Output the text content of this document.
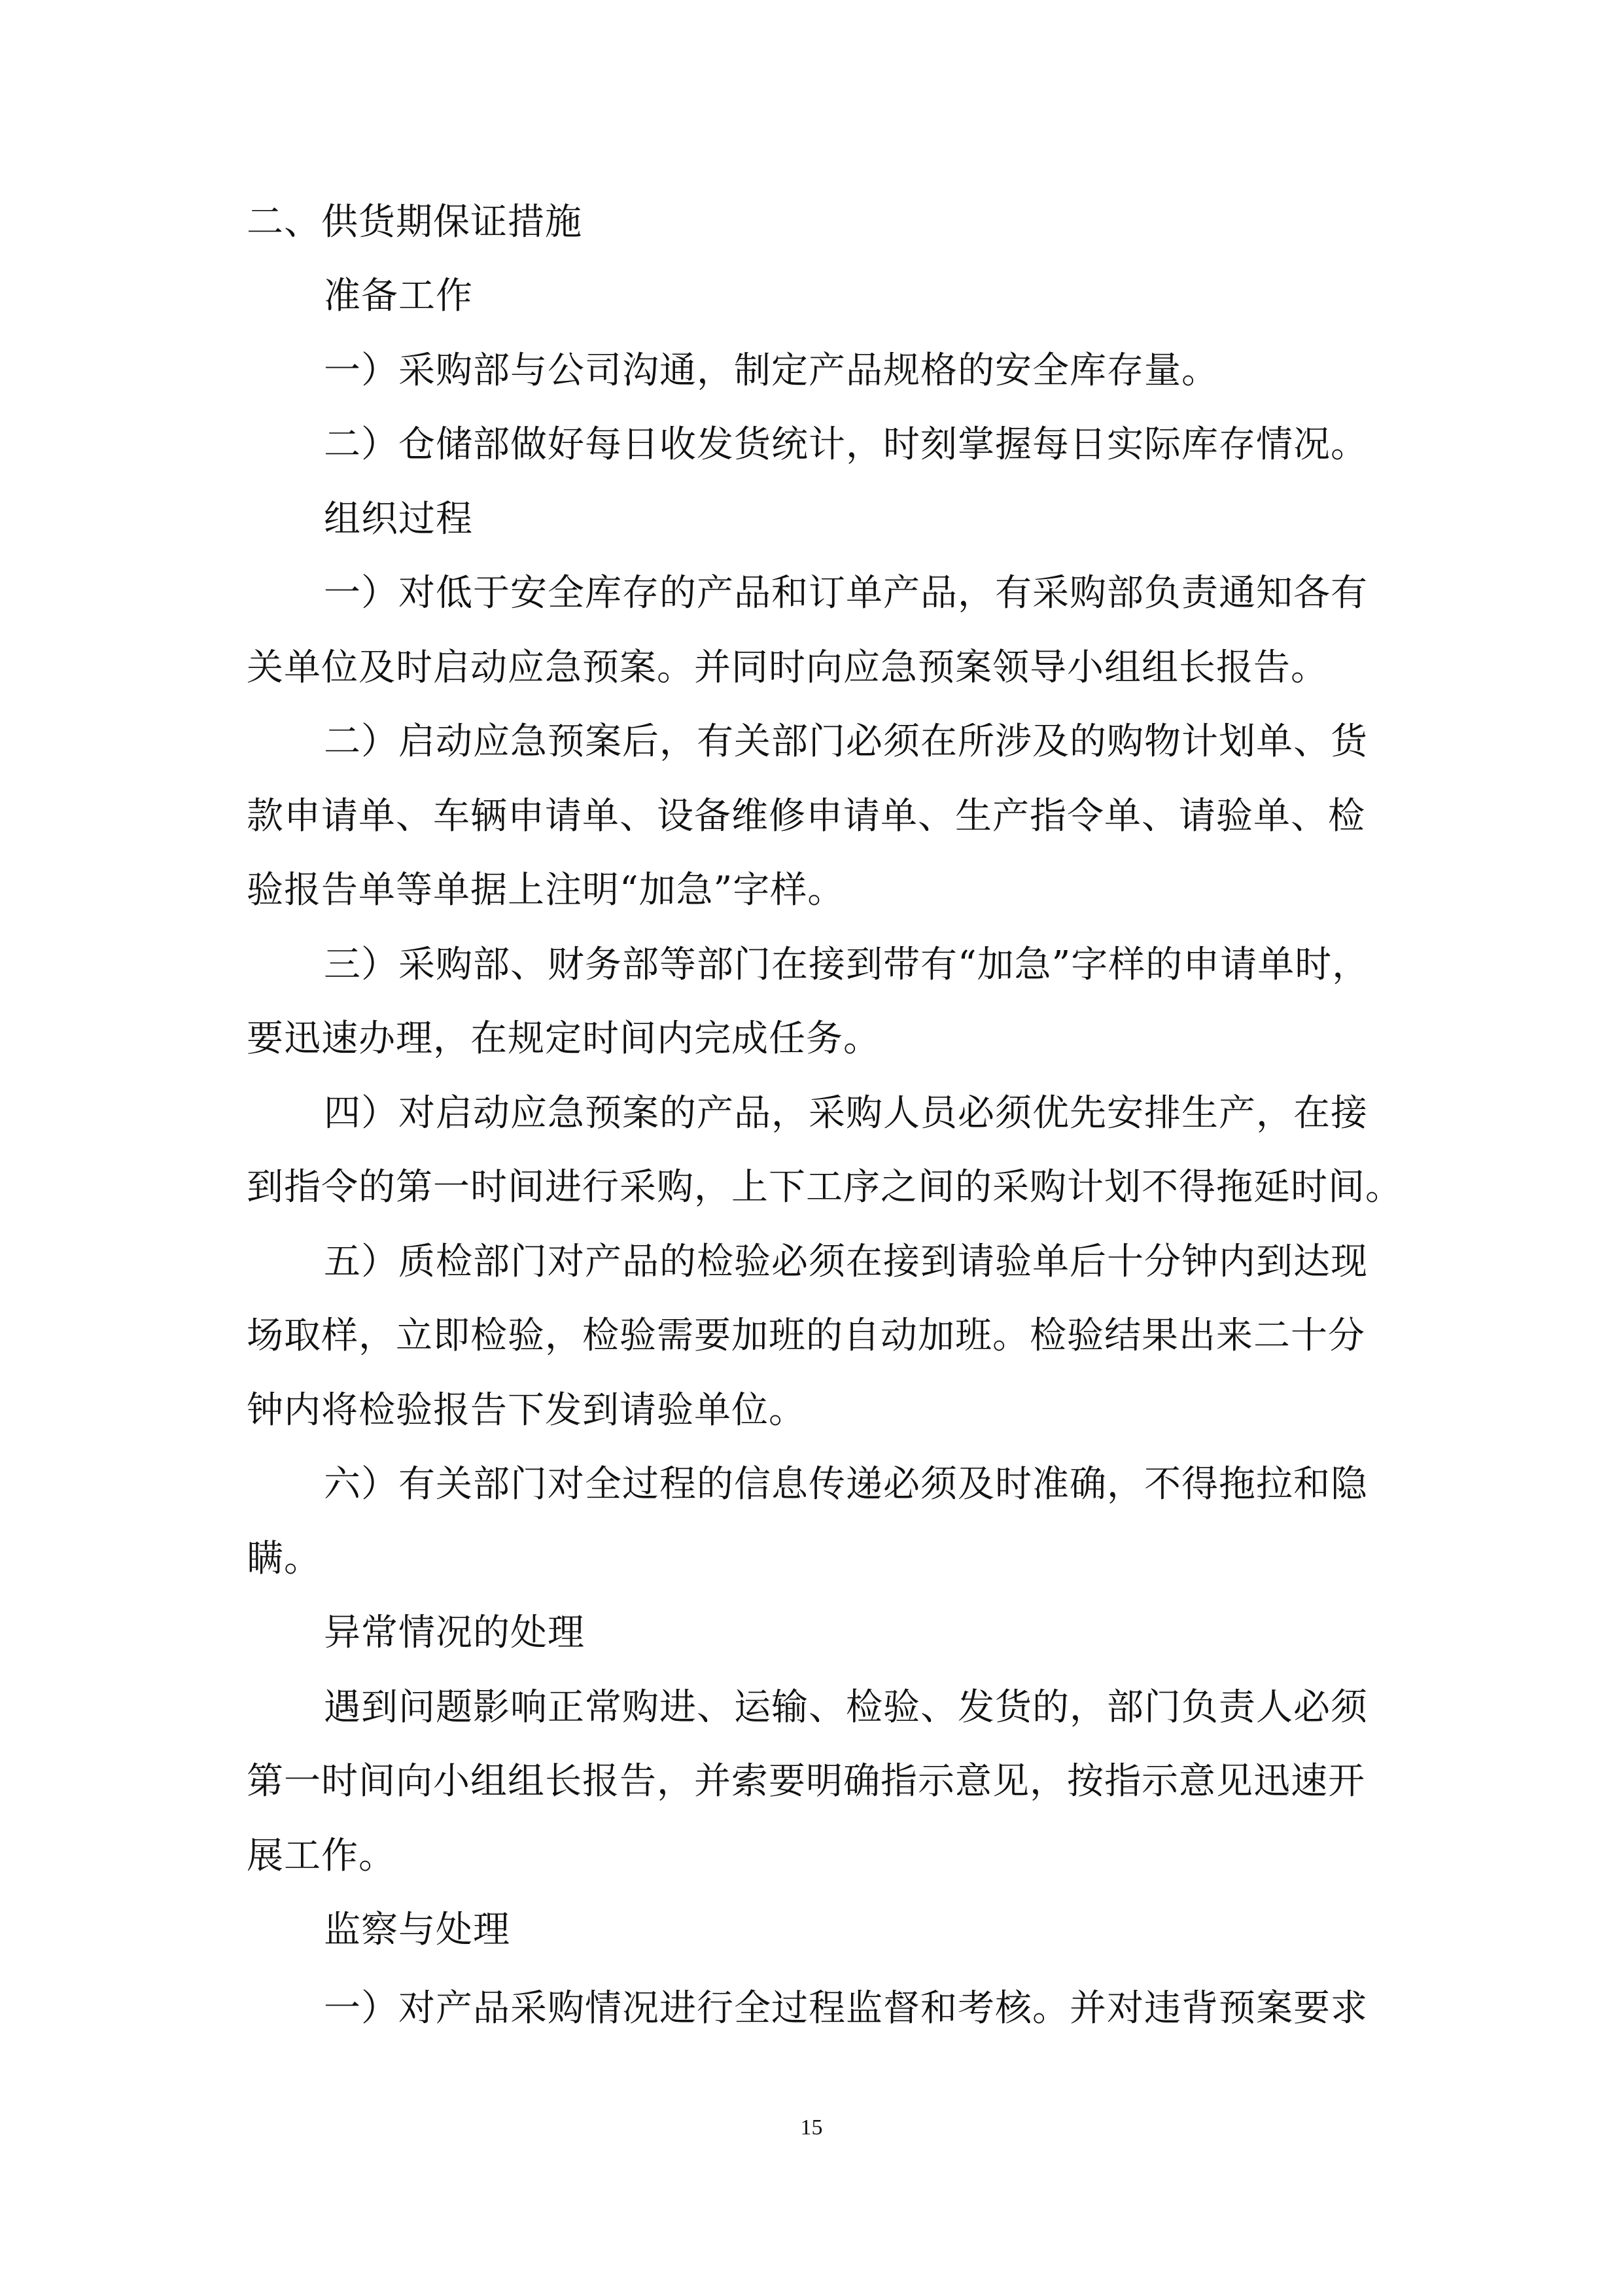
二、供货期保证措施
准备工作
一）采购部与公司沟通，制定产品规格的安全库存量。
二）仓储部做好每日收发货统计，时刻掌握每日实际库存情况。
组织过程
一）对低于安全库存的产品和订单产品，有采购部负责通知各有
关单位及时启动应急预案。并同时向应急预案领导小组组长报告。
二）启动应急预案后，有关部门必须在所涉及的购物计划单、货
款申请单、车辆申请单、设备维修申请单、生产指令单、请验单、检
验报告单等单据上注明“加急”字样。
三）采购部、财务部等部门在接到带有“加急”字样的申请单时，
要迅速办理，在规定时间内完成任务。
四）对启动应急预案的产品，采购人员必须优先安排生产，在接
到指令的第一时间进行采购，上下工序之间的采购计划不得拖延时间。
五）质检部门对产品的检验必须在接到请验单后十分钟内到达现
场取样，立即检验，检验需要加班的自动加班。检验结果出来二十分
钟内将检验报告下发到请验单位。
六）有关部门对全过程的信息传递必须及时准确，不得拖拉和隐
瞒。
异常情况的处理
遇到问题影响正常购进、运输、检验、发货的，部门负责人必须
第一时间向小组组长报告，并索要明确指示意见，按指示意见迅速开
展工作。
监察与处理
一）对产品采购情况进行全过程监督和考核。并对违背预案要求
15
